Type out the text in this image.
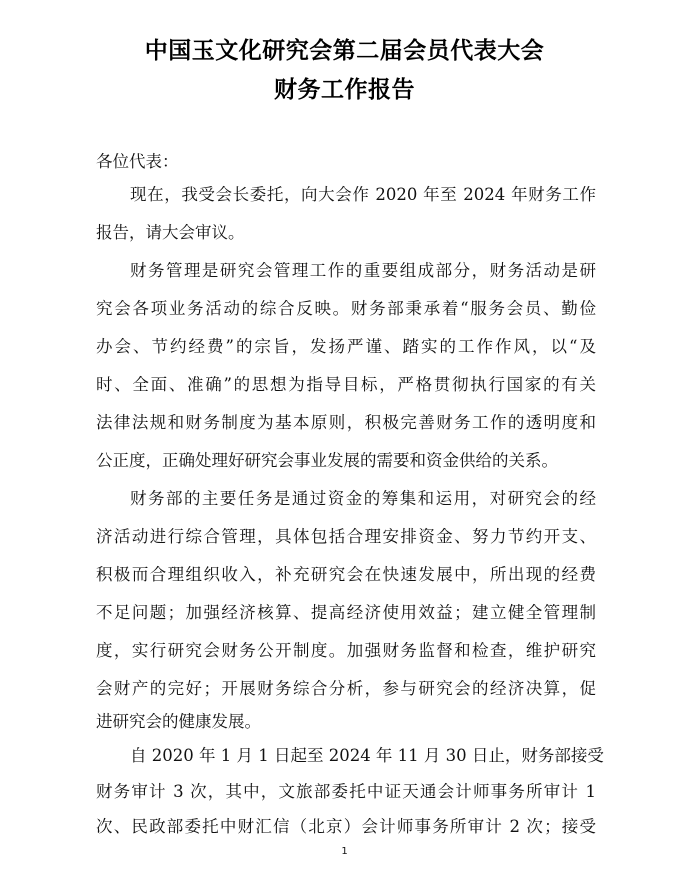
中国玉文化研究会第二届会员代表大会
财务工作报告
各位代表：
现在，我受会长委托，向大会作 2020 年至 2024 年财务工作
报告，请大会审议。
财务管理是研究会管理工作的重要组成部分，财务活动是研
究会各项业务活动的综合反映。财务部秉承着“服务会员、勤俭
办会、节约经费”的宗旨，发扬严谨、踏实的工作作风，以“及
时、全面、准确”的思想为指导目标，严格贯彻执行国家的有关
法律法规和财务制度为基本原则，积极完善财务工作的透明度和
公正度，正确处理好研究会事业发展的需要和资金供给的关系。
财务部的主要任务是通过资金的筹集和运用，对研究会的经
济活动进行综合管理，具体包括合理安排资金、努力节约开支、
积极而合理组织收入，补充研究会在快速发展中，所出现的经费
不足问题；加强经济核算、提高经济使用效益；建立健全管理制
度，实行研究会财务公开制度。加强财务监督和检查，维护研究
会财产的完好；开展财务综合分析，参与研究会的经济决算，促
进研究会的健康发展。
自 2020 年 1 月 1 日起至 2024 年 11 月 30 日止，财务部接受
财务审计 3 次，其中，文旅部委托中证天通会计师事务所审计 1
次、民政部委托中财汇信（北京）会计师事务所审计 2 次；接受
1
